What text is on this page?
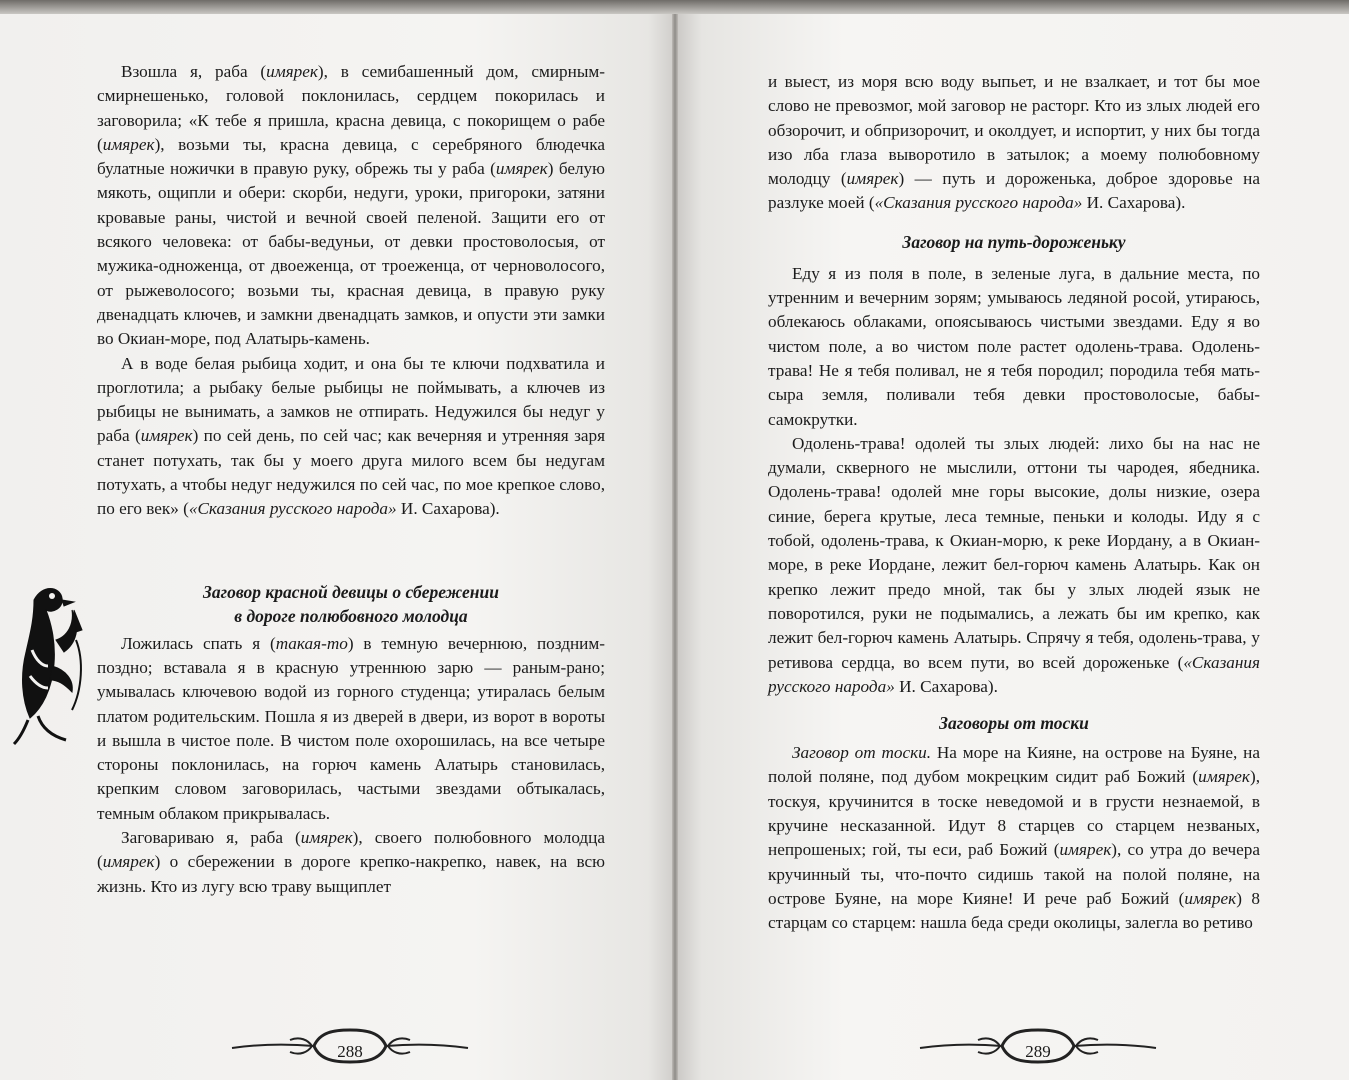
Взошла я, раба (имярек), в семибашенный дом, смирным-смирнешенько, головой поклонилась, сердцем покорилась и заговорила; «К тебе я пришла, красна девица, с покорищем о рабе (имярек), возьми ты, красна девица, с серебряного блюдечка булатные ножички в правую руку, обрежь ты у раба (имярек) белую мякоть, ощипли и обери: скорби, недуги, уроки, пригороки, затяни кровавые раны, чистой и вечной своей пеленой. Защити его от всякого человека: от бабы-ведуньи, от девки простоволосыя, от мужика-одноженца, от двоеженца, от троеженца, от черноволосого, от рыжеволосого; возьми ты, красная девица, в правую руку двенадцать ключев, и замкни двенадцать замков, и опусти эти замки во Окиан-море, под Алатырь-камень.

А в воде белая рыбица ходит, и она бы те ключи подхватила и проглотила; а рыбаку белые рыбицы не поймывать, а ключев из рыбицы не вынимать, а замков не отпирать. Недужился бы недуг у раба (имярек) по сей день, по сей час; как вечерняя и утренняя заря станет потухать, так бы у моего друга милого всем бы недугам потухать, а чтобы недуг недужился по сей час, по мое крепкое слово, по его век» («Сказания русского народа» И. Сахарова).

Заговор красной девицы о сбережении
в дороге полюбовного молодца

Ложилась спать я (такая-то) в темную вечернюю, поздним-поздно; вставала я в красную утреннюю зарю — раным-рано; умывалась ключевою водой из горного студенца; утиралась белым платом родительским. Пошла я из дверей в двери, из ворот в вороты и вышла в чистое поле. В чистом поле охорошилась, на все четыре стороны поклонилась, на горюч камень Алатырь становилась, крепким словом заговорилась, частыми звездами обтыкалась, темным облаком прикрывалась.

Заговариваю я, раба (имярек), своего полюбовного молодца (имярек) о сбережении в дороге крепко-накрепко, навек, на всю жизнь. Кто из лугу всю траву выщиплет

288

и выест, из моря всю воду выпьет, и не взалкает, и тот бы мое слово не превозмог, мой заговор не расторг. Кто из злых людей его обзорочит, и обпризорочит, и околдует, и испортит, у них бы тогда изо лба глаза выворотило в затылок; а моему полюбовному молодцу (имярек) — путь и дороженька, доброе здоровье на разлуке моей («Сказания русского народа» И. Сахарова).

Заговор на путь-дороженьку

Еду я из поля в поле, в зеленые луга, в дальние места, по утренним и вечерним зорям; умываюсь ледяной росой, утираюсь, облекаюсь облаками, опоясываюсь чистыми звездами. Еду я во чистом поле, а во чистом поле растет одолень-трава. Одолень-трава! Не я тебя поливал, не я тебя породил; породила тебя мать-сыра земля, поливали тебя девки простоволосые, бабы-самокрутки.

Одолень-трава! одолей ты злых людей: лихо бы на нас не думали, скверного не мыслили, оттони ты чародея, ябедника. Одолень-трава! одолей мне горы высокие, долы низкие, озера синие, берега крутые, леса темные, пеньки и колоды. Иду я с тобой, одолень-трава, к Окиан-морю, к реке Иордану, а в Окиан-море, в реке Иордане, лежит бел-горюч камень Алатырь. Как он крепко лежит предо мной, так бы у злых людей язык не поворотился, руки не подымались, а лежать бы им крепко, как лежит бел-горюч камень Алатырь. Спрячу я тебя, одолень-трава, у ретивова сердца, во всем пути, во всей дороженьке («Сказания русского народа» И. Сахарова).

Заговоры от тоски

Заговор от тоски. На море на Кияне, на острове на Буяне, на полой поляне, под дубом мокрецким сидит раб Божий (имярек), тоскуя, кручинится в тоске неведомой и в грусти незнаемой, в кручине несказанной. Идут 8 старцев со старцем незваных, непрошеных; гой, ты еси, раб Божий (имярек), со утра до вечера кручинный ты, что-почто сидишь такой на полой поляне, на острове Буяне, на море Кияне! И рече раб Божий (имярек) 8 старцам со старцем: нашла беда среди околицы, залегла во ретиво

289
